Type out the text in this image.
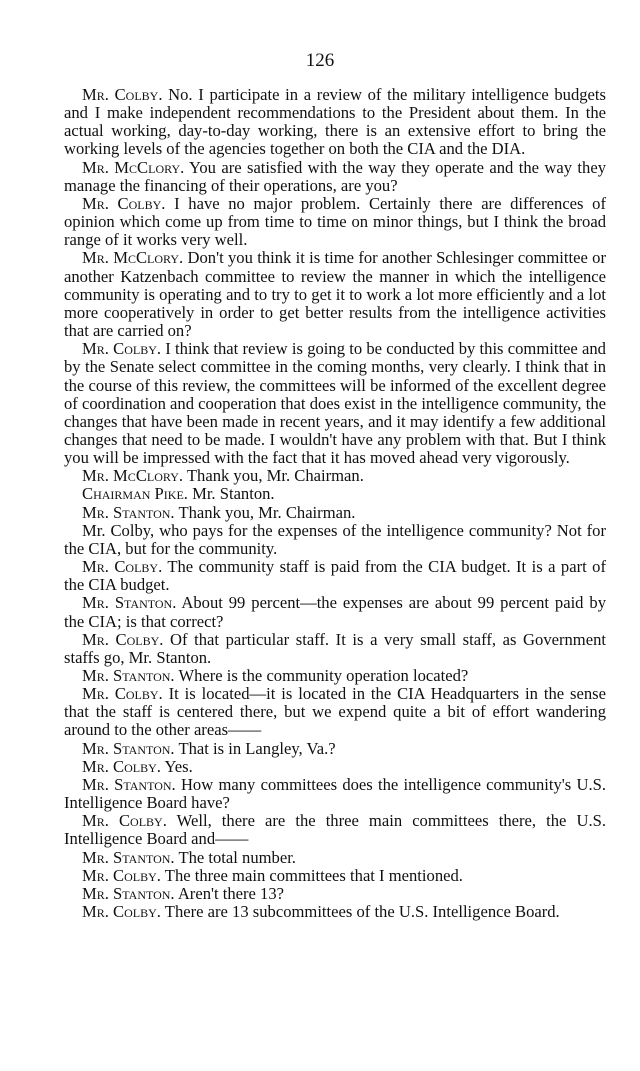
126

Mr. Colby. No. I participate in a review of the military intelligence budgets and I make independent recommendations to the President about them. In the actual working, day-to-day working, there is an extensive effort to bring the working levels of the agencies together on both the CIA and the DIA.

Mr. McClory. You are satisfied with the way they operate and the way they manage the financing of their operations, are you?

Mr. Colby. I have no major problem. Certainly there are differences of opinion which come up from time to time on minor things, but I think the broad range of it works very well.

Mr. McClory. Don't you think it is time for another Schlesinger committee or another Katzenbach committee to review the manner in which the intelligence community is operating and to try to get it to work a lot more efficiently and a lot more cooperatively in order to get better results from the intelligence activities that are carried on?

Mr. Colby. I think that review is going to be conducted by this committee and by the Senate select committee in the coming months, very clearly. I think that in the course of this review, the committees will be informed of the excellent degree of coordination and cooperation that does exist in the intelligence community, the changes that have been made in recent years, and it may identify a few additional changes that need to be made. I wouldn't have any problem with that. But I think you will be impressed with the fact that it has moved ahead very vigorously.

Mr. McClory. Thank you, Mr. Chairman.

Chairman Pike. Mr. Stanton.

Mr. Stanton. Thank you, Mr. Chairman.

Mr. Colby, who pays for the expenses of the intelligence community? Not for the CIA, but for the community.

Mr. Colby. The community staff is paid from the CIA budget. It is a part of the CIA budget.

Mr. Stanton. About 99 percent—the expenses are about 99 percent paid by the CIA; is that correct?

Mr. Colby. Of that particular staff. It is a very small staff, as Government staffs go, Mr. Stanton.

Mr. Stanton. Where is the community operation located?

Mr. Colby. It is located—it is located in the CIA Headquarters in the sense that the staff is centered there, but we expend quite a bit of effort wandering around to the other areas——

Mr. Stanton. That is in Langley, Va.?

Mr. Colby. Yes.

Mr. Stanton. How many committees does the intelligence community's U.S. Intelligence Board have?

Mr. Colby. Well, there are the three main committees there, the U.S. Intelligence Board and——

Mr. Stanton. The total number.

Mr. Colby. The three main committees that I mentioned.

Mr. Stanton. Aren't there 13?

Mr. Colby. There are 13 subcommittees of the U.S. Intelligence Board.
